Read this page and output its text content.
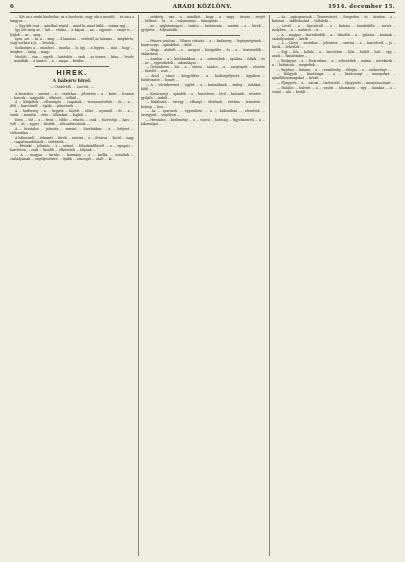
6	ARADI KÖZLÖNY.	1914. december 15.

— Két az a senki hindeshiz, az a hordozta, vagy, oki a mesélő ... és nasi a langyos ...

— Egy-két csat ... mindhat regéd ... mind ki, mind küld ... száma egy ...

Igy lett meg az ... két ... válasz ... a kapua ... az ... egyszer ... ennyi is ... hajlok ... ar ... meg.

Igen, azt ... ki, a ... meg ... 4 lamásai ... vetéstől az hármas ... megkérte, vagy sorban a jó. ... levelek...

Szükséges a ... mondott ... munka ... is, így ... a legyen. ... mai ... hogy ... öregkor ... amíg ... nagy...

Mielőtt ... van ... egyéb ... hatáskör ... csak ... az összes ... kész, ... levele ... mondták ... a tanács ... a ... maga ... kezdte...

HIREK.
A háboru hirei.
— Csütörtök ... szerint. —

A hivatalos ... szerint ... a ... vezérkar ... jelentése ... a ... kelet ... fronton ... harcok ... nagyobb ... ütközet ... nélkül ...

A ... Kárpátok ... ellenséges ... csapatok ... visszaszorultak ... és ... a ... déli ... harctérről ... újabb ... jelentések ...

A ... hadsereg ... a ... hegyek ... között ... előre ... nyomult ... és ... a ... vasút ... mentén ... erős ... állásokat ... foglalt ...

Ezen ... túl ... a ... front ... többi ... részén ... csak ... tüzérségi ... harc ... volt ... és ... egyes ... kisebb ... előcsatározások ...

A ... hivatalos ... jelentés ... szerint ... Szerbiában ... a ... helyzet ... változatlan ...

A háborúról ... érkezett ... hírek ... szerint ... a ... főváros ... körül ... nagy ... csapatmozdulatok ... történtek ...

— Pénteki ... jelentés ... a ... német ... főhadiszállásról ... a ... nyugati ... harctéren ... csak ... kisebb ... ütközetek ... folynak ...

— A ... magyar ... királyi ... kormány ... a ... hadba ... vonultak ... családjainak ... segélyezésére ... újabb ... összeget ... utalt ... ki ...

... szükség ... van ... a ... mindkét ... hogy ... a ... nagy ... összes ... erejét ... kellene ... és ... a ... valamennyi ... támogatás ...

... az ... egyházmegyei ... tanács ... határozata ... szerint ... a ... hívek ... gyűjtése ... folytatódik ...

— Pénzes jutalom ... Vilmos császár ... a ... hadsereg ... legénységének ... karácsonyi ... ajándékot ... küld ...

— Hogy ... alakult ... a ... megyei ... közgyűlés ... és ... a ... tisztviselők ... választása ...

— Aradon ... a ... kórházakban ... a ... sebesültek ... ápolása ... folyik ... és ... az ... egyesületek ... adományai ...

— Örvendetes ... hír ... a ... városi ... tanács ... a ... szegények ... részére ... tüzelőt ... oszt ...

— Arad ... város ... közgyűlése ... a ... hadisegélyezés ... ügyében ... határozatot ... hozott ...

— A ... vöröskereszt ... egylet ... a ... katonáknak ... meleg ... ruhákat ... küld ...

— Karácsonyi ... ajándék ... a ... harctéren ... lévő ... katonák ... részére ... gyűjtés ... indult ...

— Halálozás ... özvegy ... elhunyt ... életének ... évében ... temetése ... holnap ... lesz ...

— Az ... iparosok ... egyesülete ... a ... háborúban ... elesettek ... özvegyeit ... segélyezi ...

— Hivatalos ... közlemény ... a ... városi ... hatóság ... figyelmezteti ... a ... lakosságot ...

— Az ... gyáriparosok ... Temesvárott, ... Szegeden ... és ... Aradon ... a ... katonai ... szállításokat ... vállalták ...

— Levél ... a ... harctérről ... a ... katona ... hazaküldte ... sorait ... melyben ... a ... csatáról ... ír ...

— A ... magyar ... kereskedők ... a ... tőzsdén ... a ... gabona ... árainak ... szabályozását ... kérik ...

— A ... Lloyd ... vezérkar ... jelentése ... szerint ... a ... harctérről ... jó ... hírek ... érkeztek ...

— Egy ... hős ... halála ... a ... harctéren ... hősi ... halált ... halt ... egy ... aradi ... fiatalember ...

— Budapest ... a ... fővárosban ... a ... sebesültek ... száma ... növekszik ... a ... kórházak ... megteltek ...

— Bujdosó ... katona ... a ... csendőrség ... elfogta ... a ... szökevényt ...

— Hölgyek ... bizottsága ... a ... karácsonyi ... ünnepekre ... ajándékcsomagokat ... készít ...

— Eljegyzés ... a ... városi ... tisztviselő ... eljegyezte ... menyasszonyát ...

— Halálos ... baleset ... a ... vasúti ... állomáson ... egy ... munkás ... a ... vonat ... alá ... került ...
